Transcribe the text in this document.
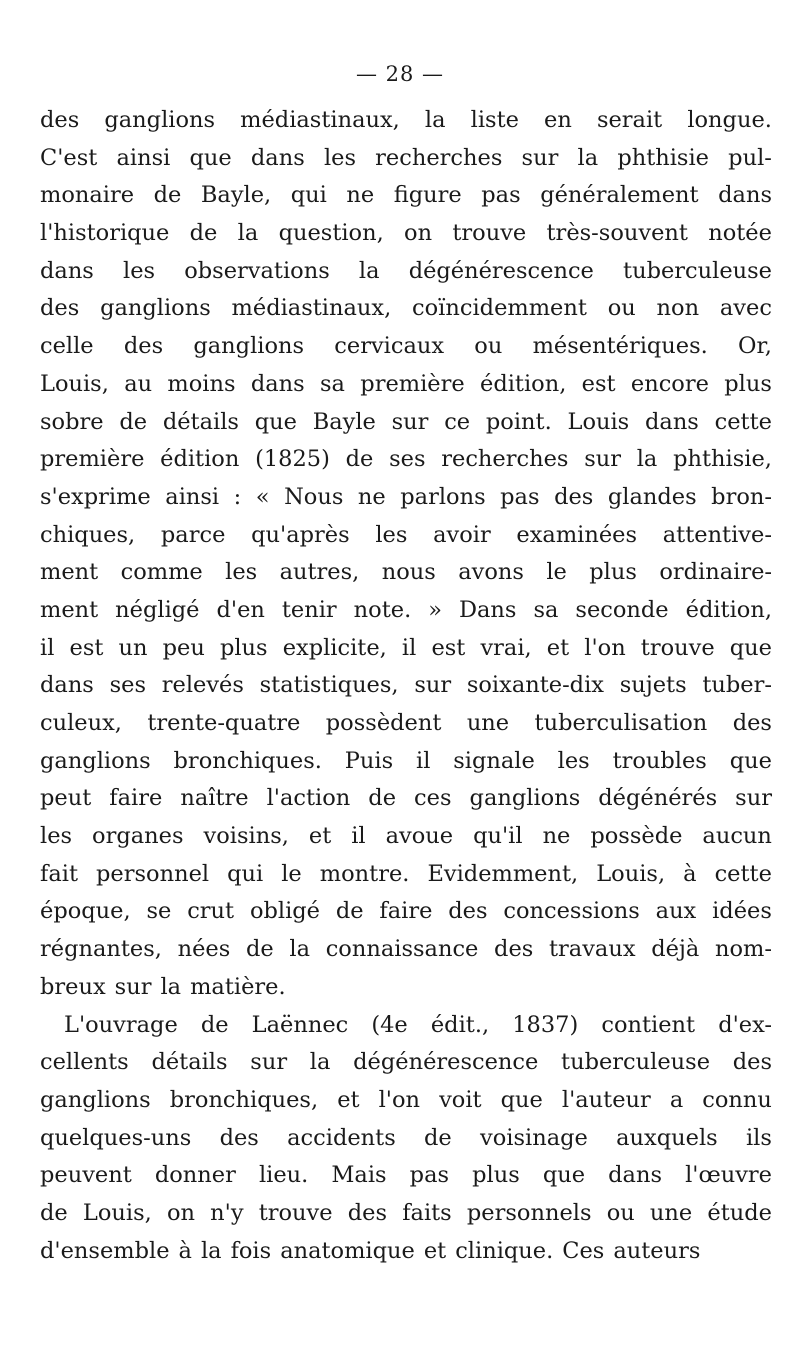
— 28 —
des ganglions médiastinaux, la liste en serait longue.
C'est ainsi que dans les recherches sur la phthisie pul-
monaire de Bayle, qui ne figure pas généralement dans
l'historique de la question, on trouve très-souvent notée
dans les observations la dégénérescence tuberculeuse
des ganglions médiastinaux, coïncidemment ou non avec
celle des ganglions cervicaux ou mésentériques. Or,
Louis, au moins dans sa première édition, est encore plus
sobre de détails que Bayle sur ce point. Louis dans cette
première édition (1825) de ses recherches sur la phthisie,
s'exprime ainsi : « Nous ne parlons pas des glandes bron-
chiques, parce qu'après les avoir examinées attentive-
ment comme les autres, nous avons le plus ordinaire-
ment négligé d'en tenir note. » Dans sa seconde édition,
il est un peu plus explicite, il est vrai, et l'on trouve que
dans ses relevés statistiques, sur soixante-dix sujets tuber-
culeux, trente-quatre possèdent une tuberculisation des
ganglions bronchiques. Puis il signale les troubles que
peut faire naître l'action de ces ganglions dégénérés sur
les organes voisins, et il avoue qu'il ne possède aucun
fait personnel qui le montre. Evidemment, Louis, à cette
époque, se crut obligé de faire des concessions aux idées
régnantes, nées de la connaissance des travaux déjà nom-
breux sur la matière.
L'ouvrage de Laënnec (4e édit., 1837) contient d'ex-
cellents détails sur la dégénérescence tuberculeuse des
ganglions bronchiques, et l'on voit que l'auteur a connu
quelques-uns des accidents de voisinage auxquels ils
peuvent donner lieu. Mais pas plus que dans l'œuvre
de Louis, on n'y trouve des faits personnels ou une étude
d'ensemble à la fois anatomique et clinique. Ces auteurs
